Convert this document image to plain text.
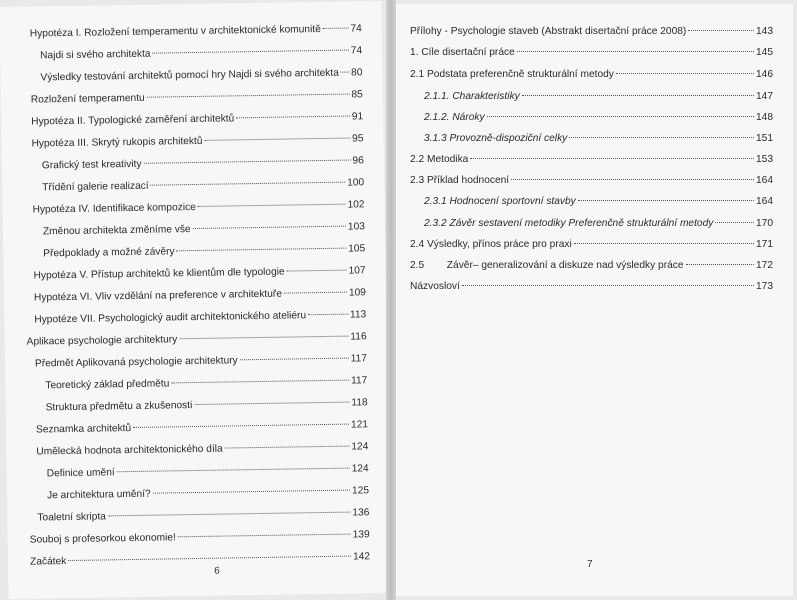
Hypotéza I. Rozložení temperamentu v architektonické komunitě	74
Najdi si svého architekta	74
Výsledky testování architektů pomocí hry Najdi si svého architekta 80
Rozložení temperamentu	85
Hypotéza II. Typologické zaměření architektů	91
Hypotéza III. Skrytý rukopis architektů	95
Grafický test kreativity	96
Třídění galerie realizací	100
Hypotéza IV. Identifikace kompozice	102
Změnou architekta změníme vše	103
Předpoklady a možné závěry	105
Hypotéza V. Přístup architektů ke klientům dle typologie	107
Hypotéza VI. Vliv vzdělání na preference v architektuře	109
Hypotéze VII. Psychologický audit architektonického ateliéru	113
Aplikace psychologie architektury	116
Předmět Aplikovaná psychologie architektury	117
Teoretický základ předmětu	117
Struktura předmětu a zkušenosti	118
Seznamka architektů	121
Umělecká hodnota architektonického díla	124
Definice umění	124
Je architektura umění?	125
Toaletní skripta	136
Souboj s profesorkou ekonomie!	139
Začátek	142
6
Přílohy - Psychologie staveb (Abstrakt disertační práce 2008)	143
1. Cíle disertační práce	145
2.1 Podstata preferenčně strukturální metody	146
2.1.1. Charakteristiky	147
2.1.2. Nároky	148
3.1.3 Provozně-dispoziční celky	151
2.2 Metodika	153
2.3 Příklad hodnocení	164
2.3.1 Hodnocení sportovní stavby	164
2.3.2 Závěr sestavení metodiky Preferenčně strukturální metody	170
2.4 Výsledky, přínos práce pro praxi	171
2.5        Závěr– generalizování a diskuze nad výsledky práce	172
Názvosloví	173
7
